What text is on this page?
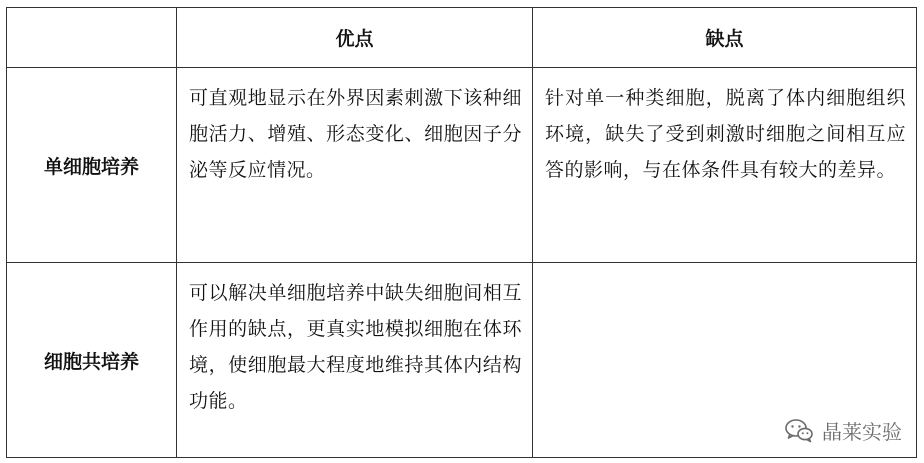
	优点	缺点
单细胞培养	可直观地显示在外界因素刺激下该种细胞活力、增殖、形态变化、细胞因子分泌等反应情况。	针对单一种类细胞，脱离了体内细胞组织环境，缺失了受到刺激时细胞之间相互应答的影响，与在体条件具有较大的差异。

细胞共培养	可以解决单细胞培养中缺失细胞间相互作用的缺点，更真实地模拟细胞在体环境，使细胞最大程度地维持其体内结构功能。	

晶莱实验
